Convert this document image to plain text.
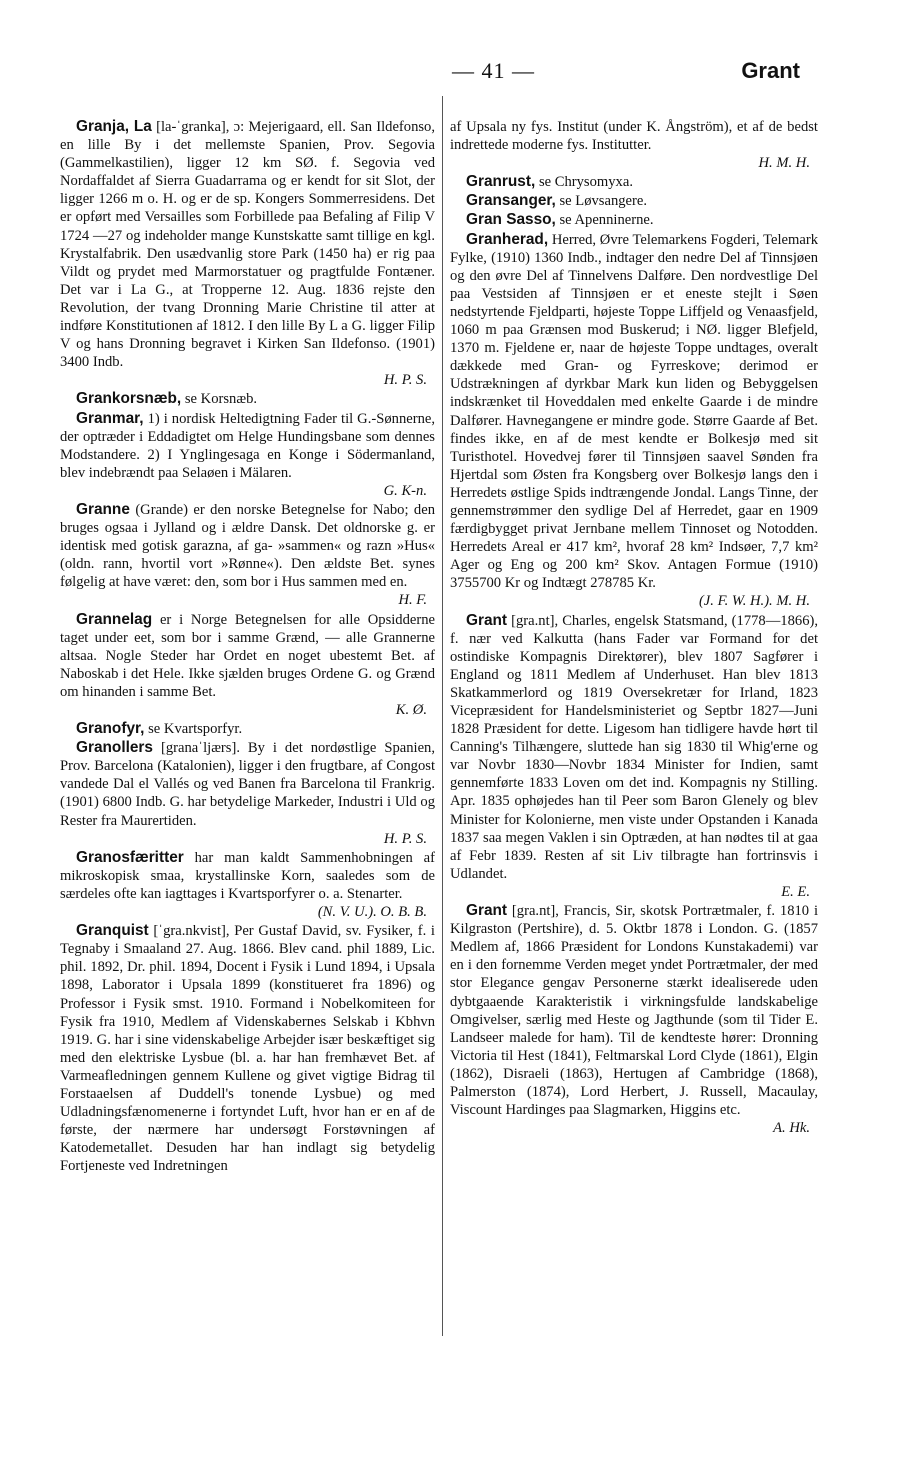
— 41 —	Grant

Granja, La [la-ˈgranka], ɔ: Mejerigaard, ell. San Ildefonso, en lille By i det mellemste Spanien, Prov. Segovia (Gammelkastilien), ligger 12 km SØ. f. Segovia ved Nordaffaldet af Sierra Guadarrama og er kendt for sit Slot, der ligger 1266 m o. H. og er de sp. Kongers Sommerresidens. Det er opført med Versailles som Forbillede paa Befaling af Filip V 1724 —27 og indeholder mange Kunstskatte samt tillige en kgl. Krystalfabrik. Den usædvanlig store Park (1450 ha) er rig paa Vildt og prydet med Marmorstatuer og pragtfulde Fontæner. Det var i La G., at Tropperne 12. Aug. 1836 rejste den Revolution, der tvang Dronning Marie Christine til atter at indføre Konstitutionen af 1812. I den lille By L a G. ligger Filip V og hans Dronning begravet i Kirken San Ildefonso. (1901) 3400 Indb.
H. P. S.

Grankorsnæb, se Korsnæb.

Granmar, 1) i nordisk Heltedigtning Fader til G.-Sønnerne, der optræder i Eddadigtet om Helge Hundingsbane som dennes Modstandere. 2) I Ynglingesaga en Konge i Södermanland, blev indebrændt paa Selaøen i Mälaren.
G. K-n.

Granne (Grande) er den norske Betegnelse for Nabo; den bruges ogsaa i Jylland og i ældre Dansk. Det oldnorske g. er identisk med gotisk garazna, af ga- »sammen« og razn »Hus« (oldn. rann, hvortil vort »Rønne«). Den ældste Bet. synes følgelig at have været: den, som bor i Hus sammen med en.
H. F.

Grannelag er i Norge Betegnelsen for alle Opsidderne taget under eet, som bor i samme Grænd, — alle Grannerne altsaa. Nogle Steder har Ordet en noget ubestemt Bet. af Naboskab i det Hele. Ikke sjælden bruges Ordene G. og Grænd om hinanden i samme Bet.
K. Ø.

Granofyr, se Kvartsporfyr.

Granollers [granaˈljærs]. By i det nordøstlige Spanien, Prov. Barcelona (Katalonien), ligger i den frugtbare, af Congost vandede Dal el Vallés og ved Banen fra Barcelona til Frankrig. (1901) 6800 Indb. G. har betydelige Markeder, Industri i Uld og Rester fra Maurertiden.
H. P. S.

Granosfæritter har man kaldt Sammenhobningen af mikroskopisk smaa, krystallinske Korn, saaledes som de særdeles ofte kan iagttages i Kvartsporfyrer o. a. Stenarter.
(N. V. U.). O. B. B.

Granquist [ˈgra.nkvist], Per Gustaf David, sv. Fysiker, f. i Tegnaby i Smaaland 27. Aug. 1866. Blev cand. phil 1889, Lic. phil. 1892, Dr. phil. 1894, Docent i Fysik i Lund 1894, i Upsala 1898, Laborator i Upsala 1899 (konstitueret fra 1896) og Professor i Fysik smst. 1910. Formand i Nobelkomiteen for Fysik fra 1910, Medlem af Videnskabernes Selskab i Kbhvn 1919. G. har i sine videnskabelige Arbejder især beskæftiget sig med den elektriske Lysbue (bl. a. har han fremhævet Bet. af Varmeafledningen gennem Kullene og givet vigtige Bidrag til Forstaaelsen af Duddell's tonende Lysbue) og med Udladningsfænomenerne i fortyndet Luft, hvor han er en af de første, der nærmere har undersøgt Forstøvningen af Katodemetallet. Desuden har han indlagt sig betydelig Fortjeneste ved Indretningen

af Upsala ny fys. Institut (under K. Ångström), et af de bedst indrettede moderne fys. Institutter.
H. M. H.

Granrust, se Chrysomyxa.

Gransanger, se Løvsangere.

Gran Sasso, se Apenninerne.

Granherad, Herred, Øvre Telemarkens Fogderi, Telemark Fylke, (1910) 1360 Indb., indtager den nedre Del af Tinnsjøen og den øvre Del af Tinnelvens Dalføre. Den nordvestlige Del paa Vestsiden af Tinnsjøen er et eneste stejlt i Søen nedstyrtende Fjeldparti, højeste Toppe Liffjeld og Venaasfjeld, 1060 m paa Grænsen mod Buskerud; i NØ. ligger Blefjeld, 1370 m. Fjeldene er, naar de højeste Toppe undtages, overalt dækkede med Gran- og Fyrreskove; derimod er Udstrækningen af dyrkbar Mark kun liden og Bebyggelsen indskrænket til Hoveddalen med enkelte Gaarde i de mindre Dalfører. Havnegangene er mindre gode. Større Gaarde af Bet. findes ikke, en af de mest kendte er Bolkesjø med sit Turisthotel. Hovedvej fører til Tinnsjøen saavel Sønden fra Hjertdal som Østen fra Kongsberg over Bolkesjø langs den i Herredets østlige Spids indtrængende Jondal. Langs Tinne, der gennemstrømmer den sydlige Del af Herredet, gaar en 1909 færdigbygget privat Jernbane mellem Tinnoset og Notodden. Herredets Areal er 417 km², hvoraf 28 km² Indsøer, 7,7 km² Ager og Eng og 200 km² Skov. Antagen Formue (1910) 3755700 Kr og Indtægt 278785 Kr.
(J. F. W. H.). M. H.

Grant [gra.nt], Charles, engelsk Statsmand, (1778—1866), f. nær ved Kalkutta (hans Fader var Formand for det ostindiske Kompagnis Direktører), blev 1807 Sagfører i England og 1811 Medlem af Underhuset. Han blev 1813 Skatkammerlord og 1819 Oversekretær for Irland, 1823 Vicepræsident for Handelsministeriet og Septbr 1827—Juni 1828 Præsident for dette. Ligesom han tidligere havde hørt til Canning's Tilhængere, sluttede han sig 1830 til Whig'erne og var Novbr 1830—Novbr 1834 Minister for Indien, samt gennemførte 1833 Loven om det ind. Kompagnis ny Stilling. Apr. 1835 ophøjedes han til Peer som Baron Glenely og blev Minister for Kolonierne, men viste under Opstanden i Kanada 1837 saa megen Vaklen i sin Optræden, at han nødtes til at gaa af Febr 1839. Resten af sit Liv tilbragte han fortrinsvis i Udlandet.
E. E.

Grant [gra.nt], Francis, Sir, skotsk Portrætmaler, f. 1810 i Kilgraston (Pertshire), d. 5. Oktbr 1878 i London. G. (1857 Medlem af, 1866 Præsident for Londons Kunstakademi) var en i den fornemme Verden meget yndet Portrætmaler, der med stor Elegance gengav Personerne stærkt idealiserede uden dybtgaaende Karakteristik i virkningsfulde landskabelige Omgivelser, særlig med Heste og Jagthunde (som til Tider E. Landseer malede for ham). Til de kendteste hører: Dronning Victoria til Hest (1841), Feltmarskal Lord Clyde (1861), Elgin (1862), Disraeli (1863), Hertugen af Cambridge (1868), Palmerston (1874), Lord Herbert, J. Russell, Macaulay, Viscount Hardinges paa Slagmarken, Higgins etc.
A. Hk.
